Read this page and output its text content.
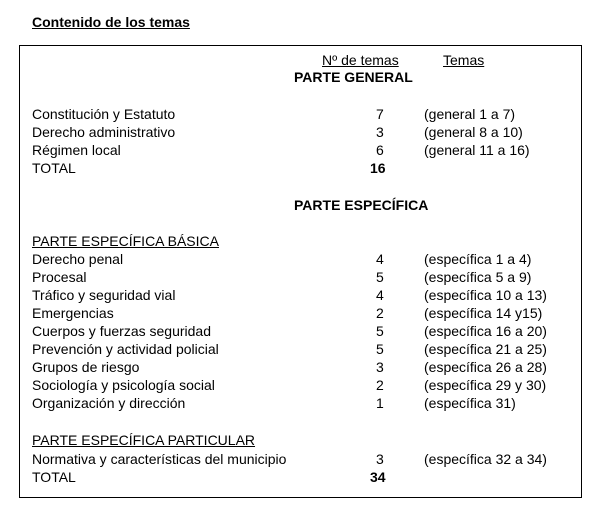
Contenido de los temas
Nº de temas	Temas
PARTE GENERAL
Constitución y Estatuto	7	(general 1 a 7)
Derecho administrativo	3	(general 8 a 10)
Régimen local	6	(general 11 a 16)
TOTAL	16
PARTE ESPECÍFICA
PARTE ESPECÍFICA BÁSICA
Derecho penal	4	(específica 1 a 4)
Procesal	5	(específica 5 a 9)
Tráfico y seguridad vial	4	(específica 10 a 13)
Emergencias	2	(específica 14 y15)
Cuerpos y fuerzas seguridad	5	(específica 16 a 20)
Prevención y actividad policial	5	(específica 21 a 25)
Grupos de riesgo	3	(específica 26 a 28)
Sociología y psicología social	2	(específica 29 y 30)
Organización y dirección	1	(específica 31)
PARTE ESPECÍFICA PARTICULAR
Normativa y características del municipio	3	(específica 32 a 34)
TOTAL	34
